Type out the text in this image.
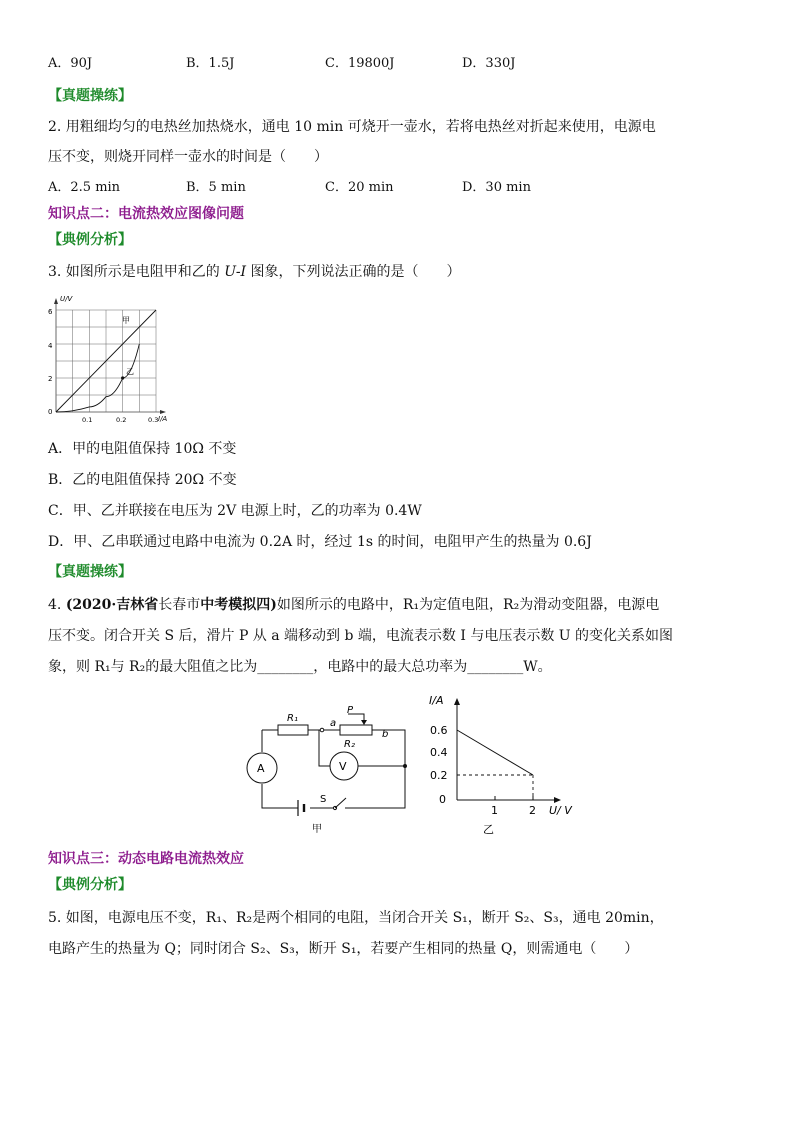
A．90J	B．1.5J	C．19800J	D．330J
【真题操练】
2. 用粗细均匀的电热丝加热烧水，通电 10 min 可烧开一壶水，若将电热丝对折起来使用，电源电
压不变，则烧开同样一壶水的时间是（　　）
A．2.5 min	B．5 min	C．20 min	D．30 min
知识点二：电流热效应图像问题
【典例分析】
3. 如图所示是电阻甲和乙的 U-I 图象，下列说法正确的是（　　）
U/V
I/A
6
4
2
0
0.1	0.2	0.3
甲
乙
A．甲的电阻值保持 10Ω 不变
B．乙的电阻值保持 20Ω 不变
C．甲、乙并联接在电压为 2V 电源上时，乙的功率为 0.4W
D．甲、乙串联通过电路中电流为 0.2A 时，经过 1s 的时间，电阻甲产生的热量为 0.6J
【真题操练】
4. (2020·吉林省长春市中考模拟四)如图所示的电路中，R₁为定值电阻，R₂为滑动变阻器，电源电
压不变。闭合开关 S 后，滑片 P 从 a 端移动到 b 端，电流表示数 I 与电压表示数 U 的变化关系如图
象，则 R₁与 R₂的最大阻值之比为________，电路中的最大总功率为________W。
R₁
P
a
b
R₂
A	V
S
甲
I/A
U/ V
0.6
0.4
0.2
0
1	2
乙
知识点三：动态电路电流热效应
【典例分析】
5. 如图，电源电压不变，R₁、R₂是两个相同的电阻，当闭合开关 S₁，断开 S₂、S₃，通电 20min，
电路产生的热量为 Q；同时闭合 S₂、S₃，断开 S₁，若要产生相同的热量 Q，则需通电（　　）
